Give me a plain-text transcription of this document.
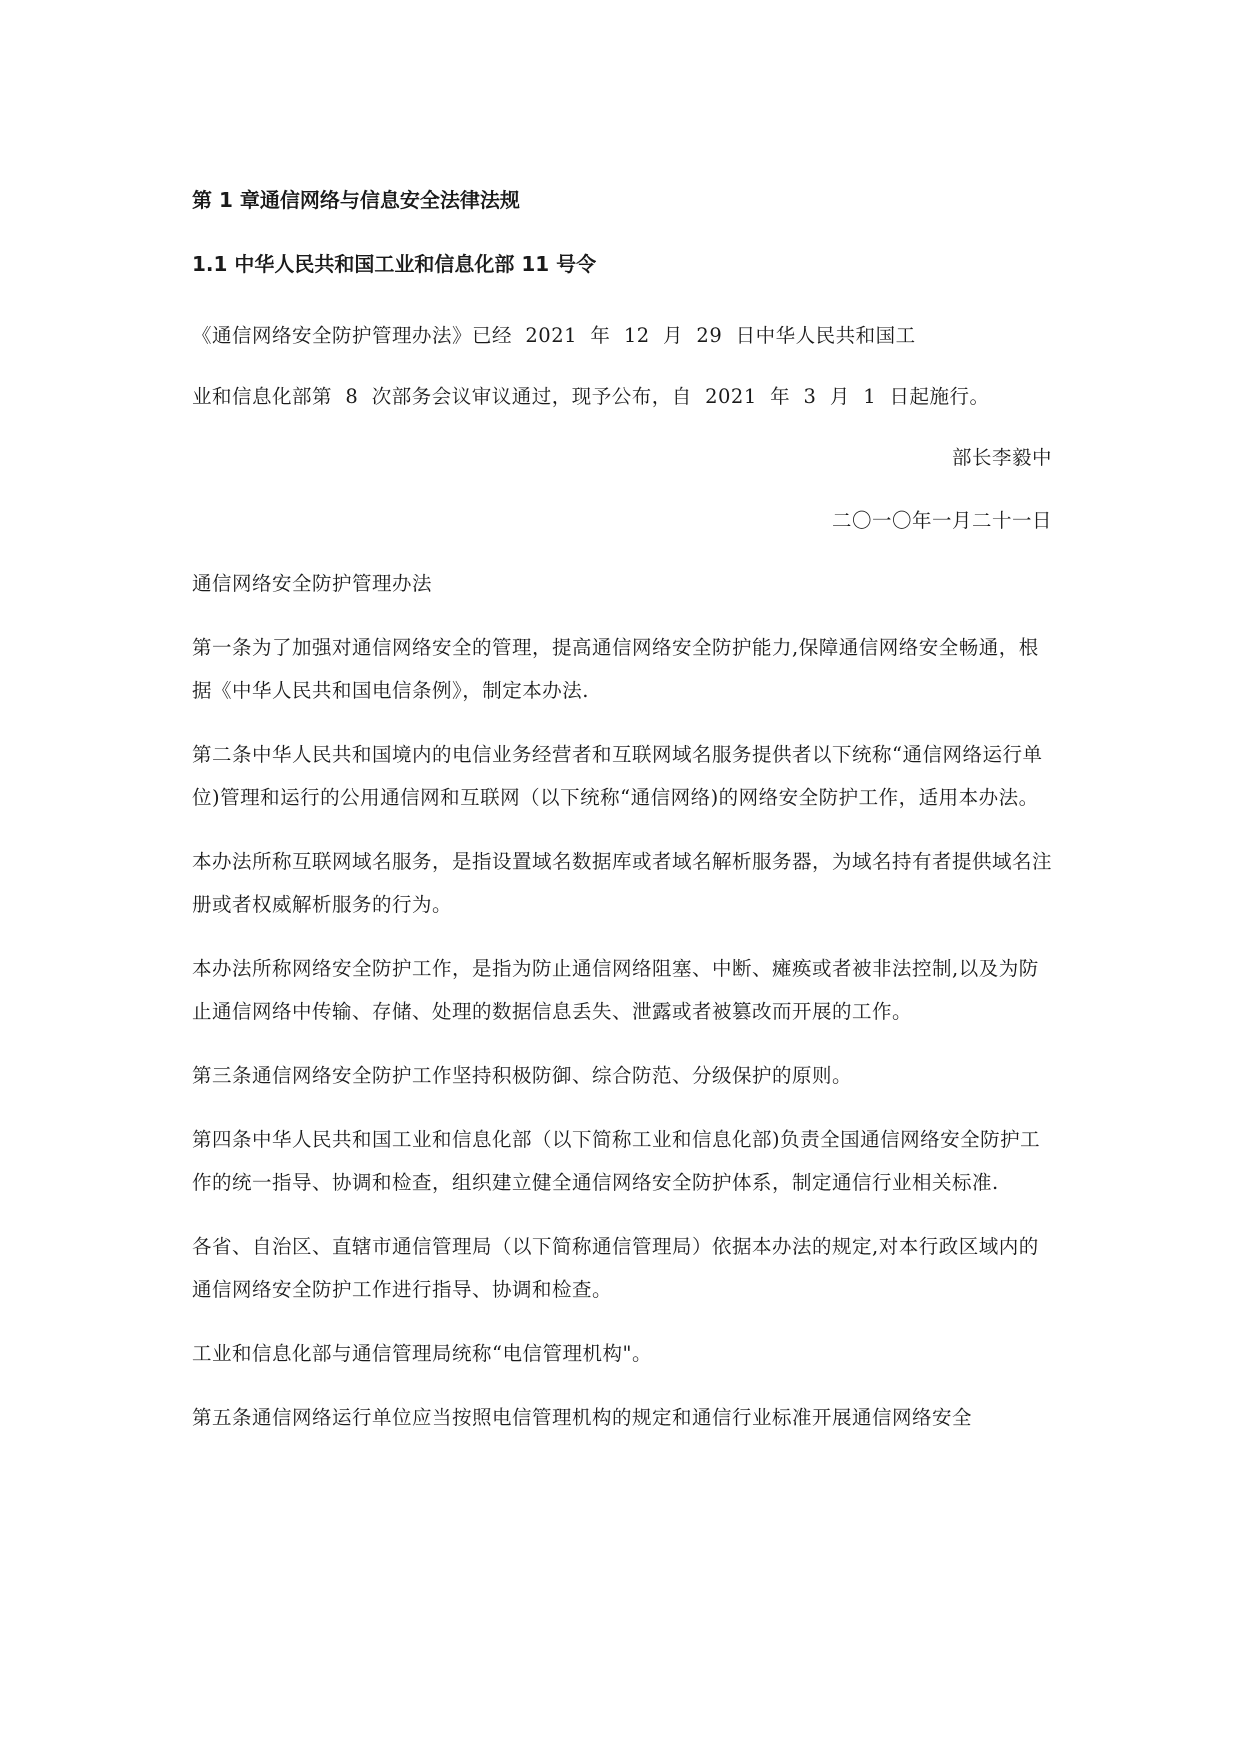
第 1 章通信网络与信息安全法律法规
1.1 中华人民共和国工业和信息化部 11 号令

《通信网络安全防护管理办法》已经  2021  年  12  月  29  日中华人民共和国工

业和信息化部第  8  次部务会议审议通过，现予公布，自  2021  年  3  月  1  日起施行。

部长李毅中

二〇一〇年一月二十一日

通信网络安全防护管理办法

第一条为了加强对通信网络安全的管理，提高通信网络安全防护能力,保障通信网络安全畅通，根据《中华人民共和国电信条例》，制定本办法.

第二条中华人民共和国境内的电信业务经营者和互联网域名服务提供者以下统称“通信网络运行单位)管理和运行的公用通信网和互联网（以下统称“通信网络)的网络安全防护工作，适用本办法。

本办法所称互联网域名服务，是指设置域名数据库或者域名解析服务器，为域名持有者提供域名注册或者权威解析服务的行为。

本办法所称网络安全防护工作，是指为防止通信网络阻塞、中断、瘫痪或者被非法控制,以及为防止通信网络中传输、存储、处理的数据信息丢失、泄露或者被篡改而开展的工作。

第三条通信网络安全防护工作坚持积极防御、综合防范、分级保护的原则。

第四条中华人民共和国工业和信息化部（以下简称工业和信息化部)负责全国通信网络安全防护工作的统一指导、协调和检查，组织建立健全通信网络安全防护体系，制定通信行业相关标准.

各省、自治区、直辖市通信管理局（以下简称通信管理局）依据本办法的规定,对本行政区域内的通信网络安全防护工作进行指导、协调和检查。

工业和信息化部与通信管理局统称“电信管理机构"。

第五条通信网络运行单位应当按照电信管理机构的规定和通信行业标准开展通信网络安全
